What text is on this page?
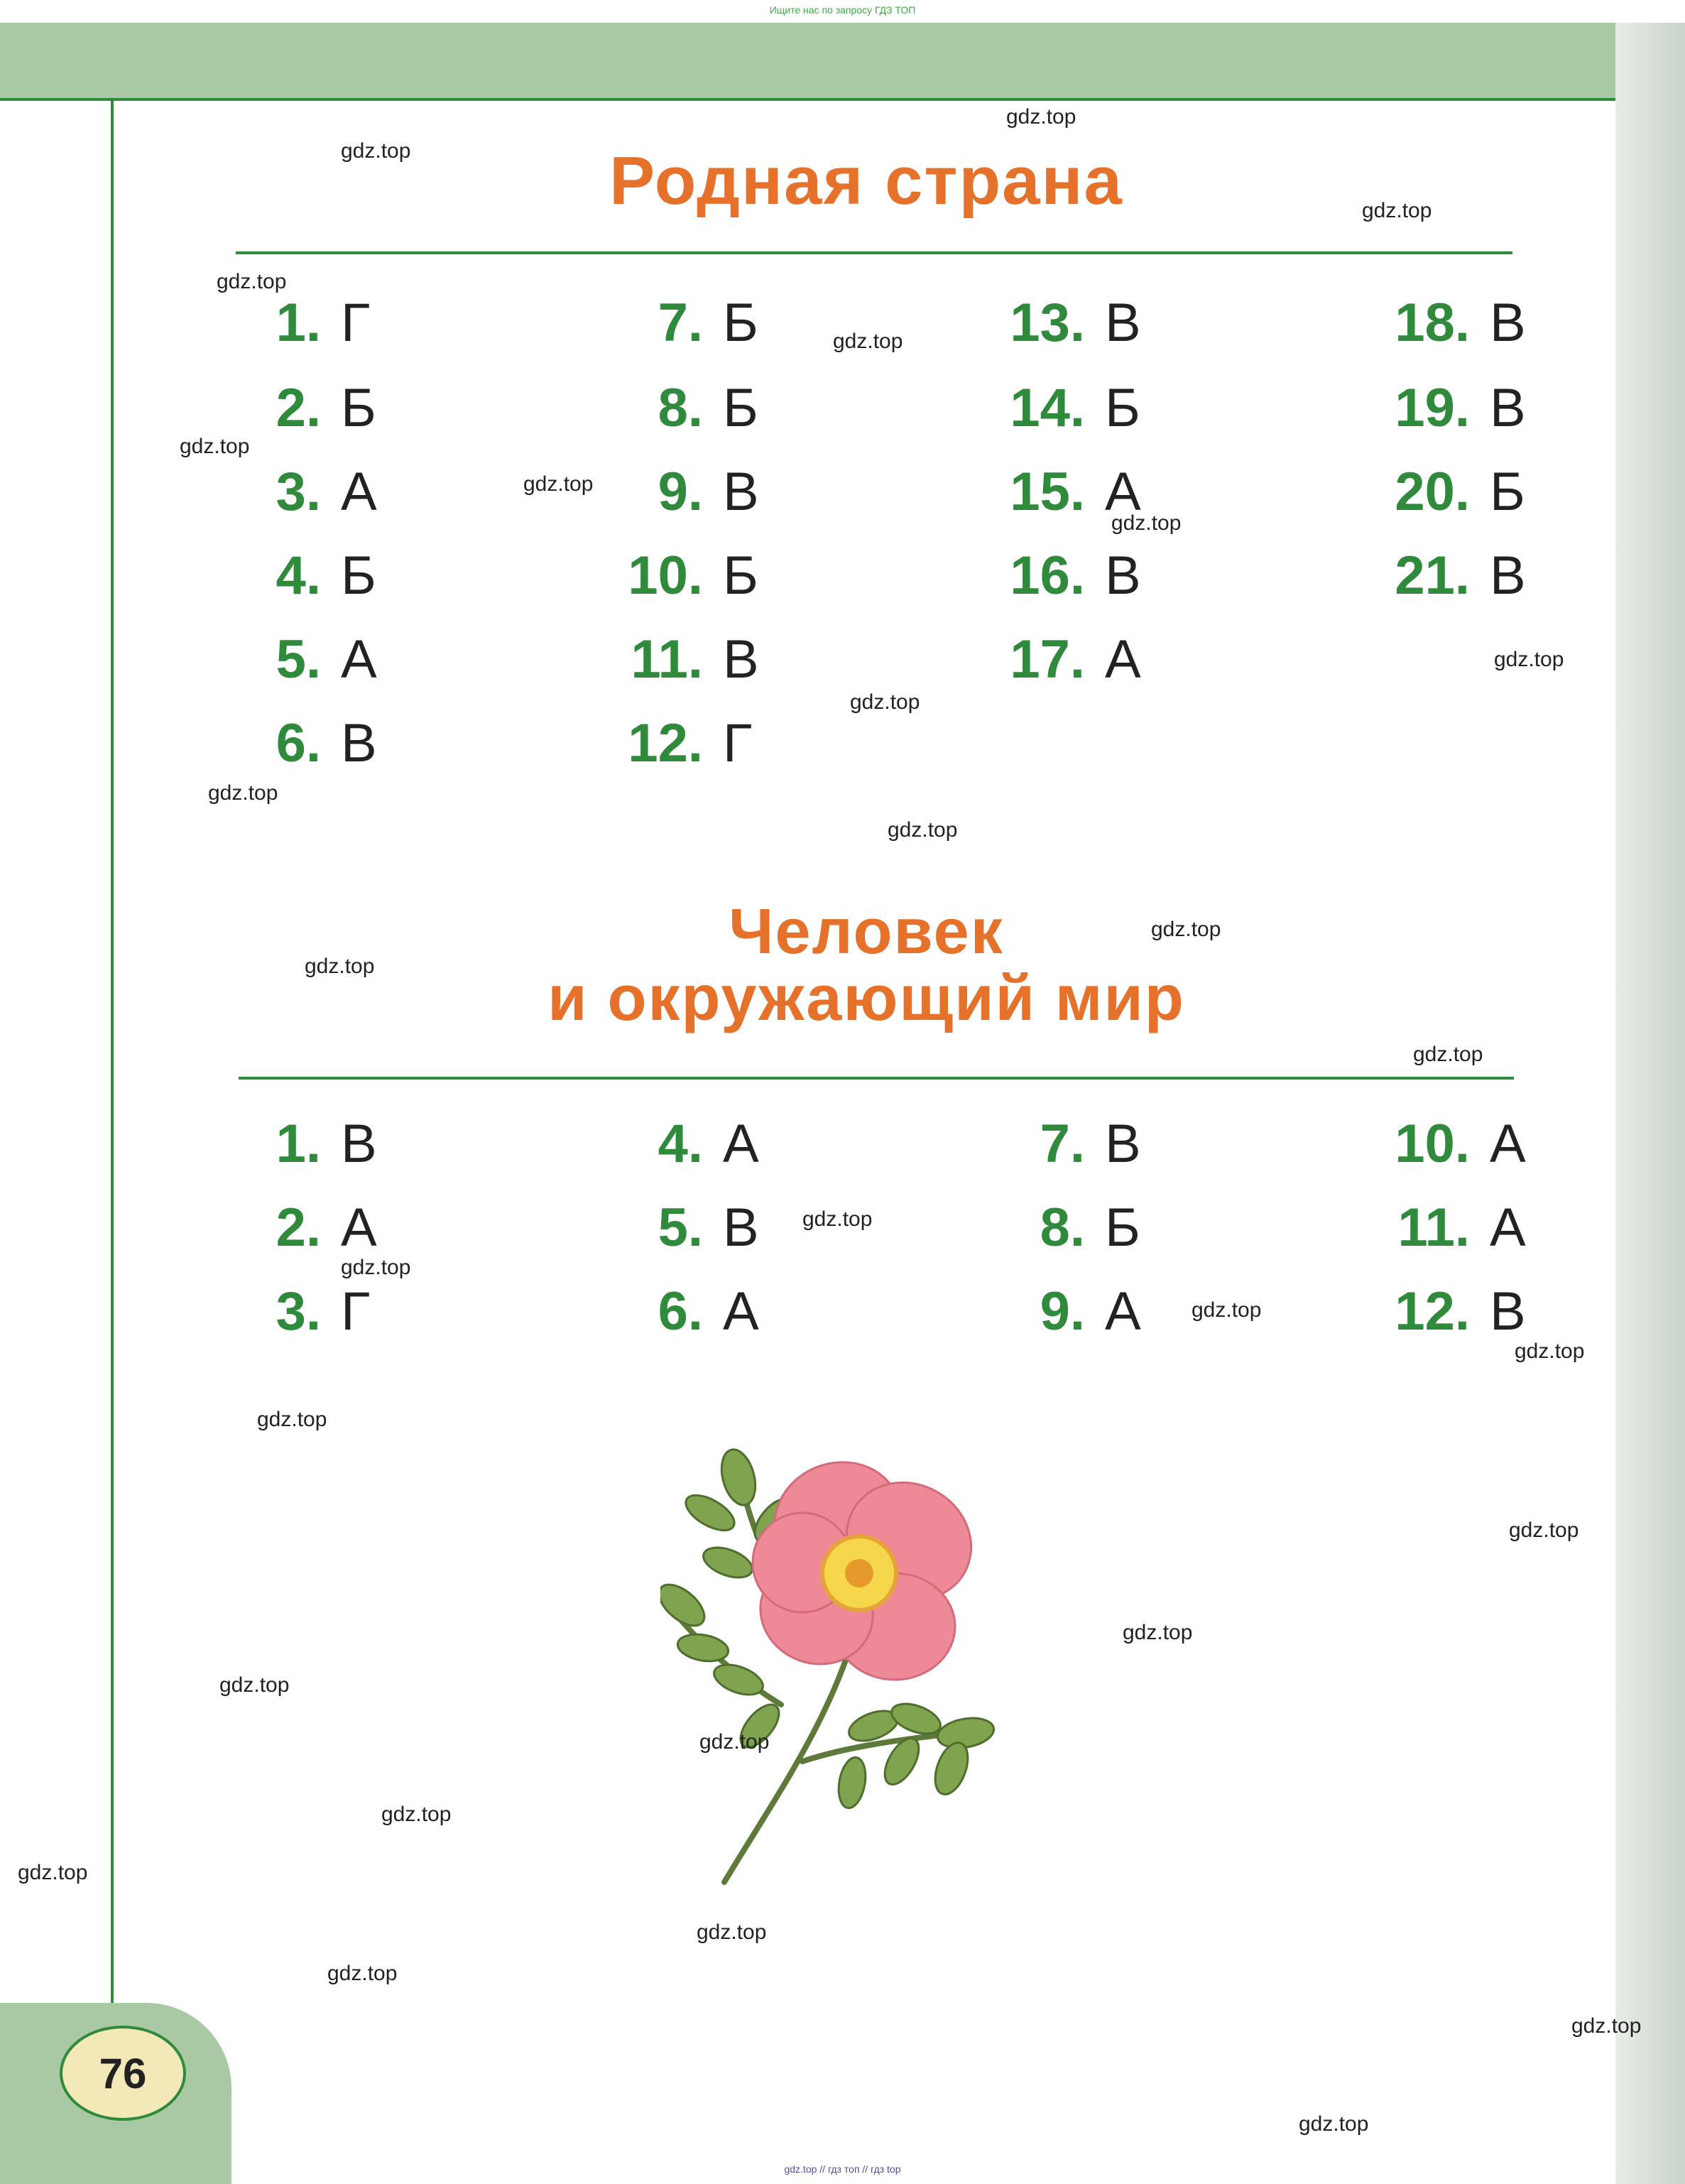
Ищите нас по запросу ГДЗ ТОП
Родная страна
1. Г
2. Б
3. А
4. Б
5. А
6. В
7. Б
8. Б
9. В
10. Б
11. В
12. Г
13. В
14. Б
15. А
16. В
17. А
18. В
19. В
20. Б
21. В
Человек
и окружающий мир
1. В
2. А
3. Г
4. А
5. В
6. А
7. В
8. Б
9. А
10. А
11. А
12. В
76
gdz.top
gdz.top
gdz.top
gdz.top
gdz.top
gdz.top
gdz.top
gdz.top
gdz.top
gdz.top
gdz.top
gdz.top
gdz.top
gdz.top
gdz.top
gdz.top
gdz.top
gdz.top
gdz.top
gdz.top
gdz.top
gdz.top
gdz.top
gdz.top
gdz.top
gdz.top
gdz.top
gdz.top
gdz.top
gdz.top
gdz.top // гдз топ // гдз top
